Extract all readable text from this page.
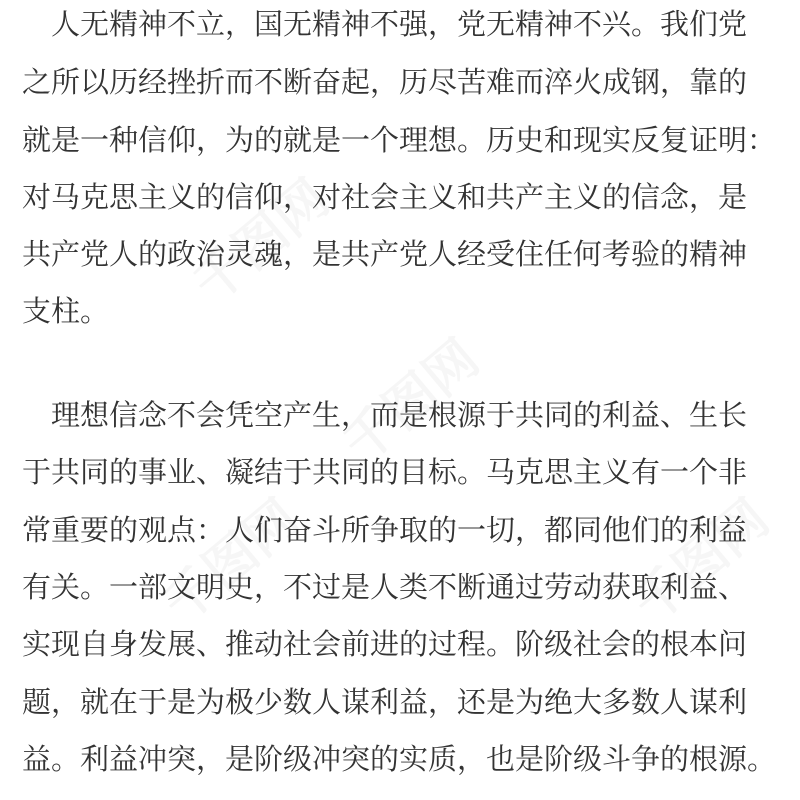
　人无精神不立，国无精神不强，党无精神不兴。我们党
之所以历经挫折而不断奋起，历尽苦难而淬火成钢，靠的
就是一种信仰，为的就是一个理想。历史和现实反复证明：
对马克思主义的信仰，对社会主义和共产主义的信念，是
共产党人的政治灵魂，是共产党人经受住任何考验的精神
支柱。
　理想信念不会凭空产生，而是根源于共同的利益、生长
于共同的事业、凝结于共同的目标。马克思主义有一个非
常重要的观点：人们奋斗所争取的一切，都同他们的利益
有关。一部文明史，不过是人类不断通过劳动获取利益、
实现自身发展、推动社会前进的过程。阶级社会的根本问
题，就在于是为极少数人谋利益，还是为绝大多数人谋利
益。利益冲突，是阶级冲突的实质，也是阶级斗争的根源。
